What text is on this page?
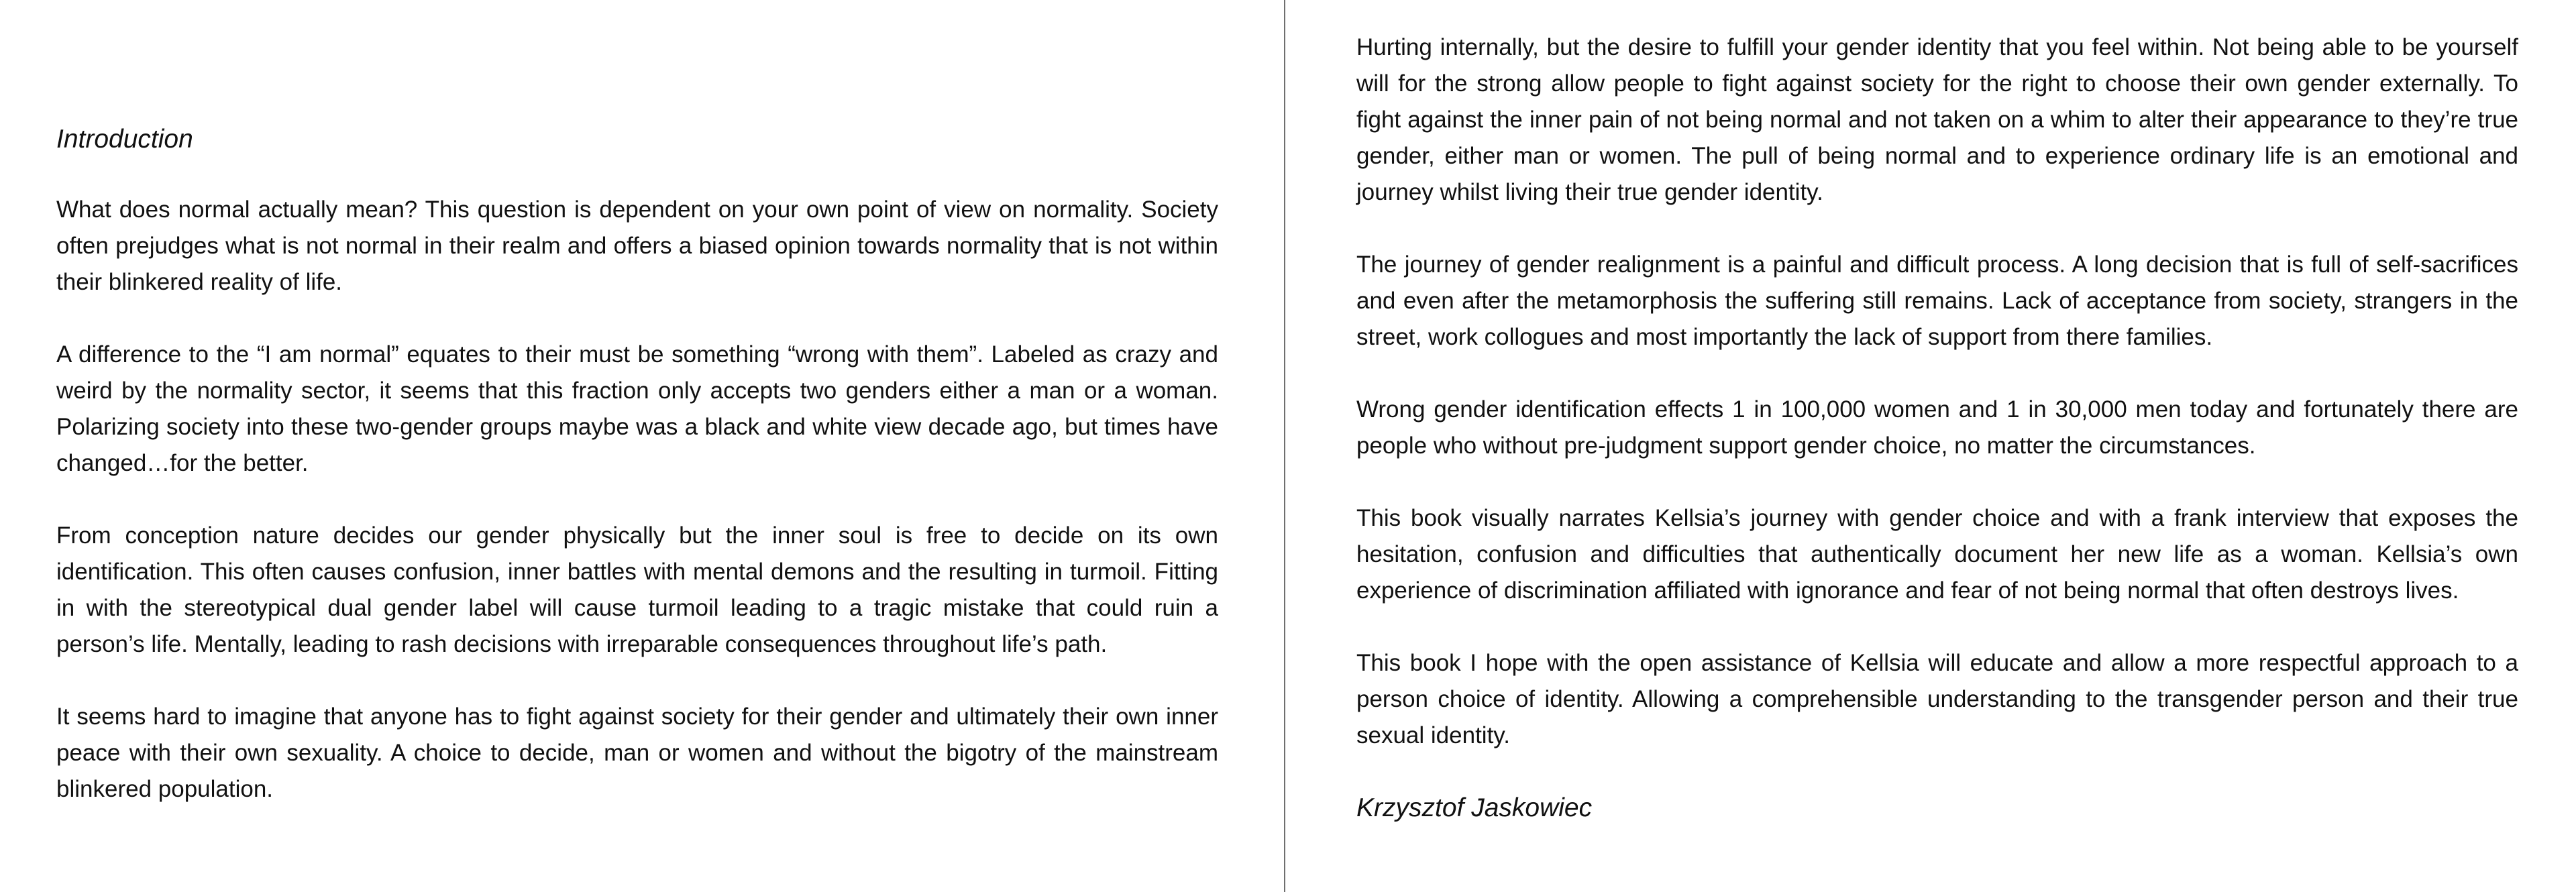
Introduction

What does normal actually mean? This question is dependent on your own point of view on normality. Society often prejudges what is not normal in their realm and offers a biased opinion towards normality that is not within their blinkered reality of life.

A difference to the “I am normal” equates to their must be something “wrong with them”. Labeled as crazy and weird by the normality sector, it seems that this fraction only accepts two genders either a man or a woman. Polarizing society into these two-gender groups maybe was a black and white view decade ago, but times have changed…for the better.

From conception nature decides our gender physically but the inner soul is free to decide on its own identification. This often causes confusion, inner battles with mental demons and the resulting in turmoil. Fitting in with the stereotypical dual gender label will cause turmoil leading to a tragic mistake that could ruin a person’s life. Mentally, leading to rash decisions with irreparable consequences throughout life’s path.

It seems hard to imagine that anyone has to fight against society for their gender and ultimately their own inner peace with their own sexuality. A choice to decide, man or women and without the bigotry of the mainstream blinkered population.

Hurting internally, but the desire to fulfill your gender identity that you feel within. Not being able to be yourself will for the strong allow people to fight against society for the right to choose their own gender externally. To fight against the inner pain of not being normal and not taken on a whim to alter their appearance to they’re true gender, either man or women. The pull of being normal and to experience ordinary life is an emotional and journey whilst living their true gender identity.

The journey of gender realignment is a painful and difficult process. A long decision that is full of self-sacrifices and even after the metamorphosis the suffering still remains. Lack of acceptance from society, strangers in the street, work collogues and most importantly the lack of support from there families.

Wrong gender identification effects 1 in 100,000 women and 1 in 30,000 men today and fortunately there are people who without pre-judgment support gender choice, no matter the circumstances.

This book visually narrates Kellsia’s journey with gender choice and with a frank interview that exposes the hesitation, confusion and difficulties that authentically document her new life as a woman. Kellsia’s own experience of discrimination affiliated with ignorance and fear of not being normal that often destroys lives.

This book I hope with the open assistance of Kellsia will educate and allow a more respectful approach to a person choice of identity. Allowing a comprehensible understanding to the transgender person and their true sexual identity.

Krzysztof Jaskowiec
